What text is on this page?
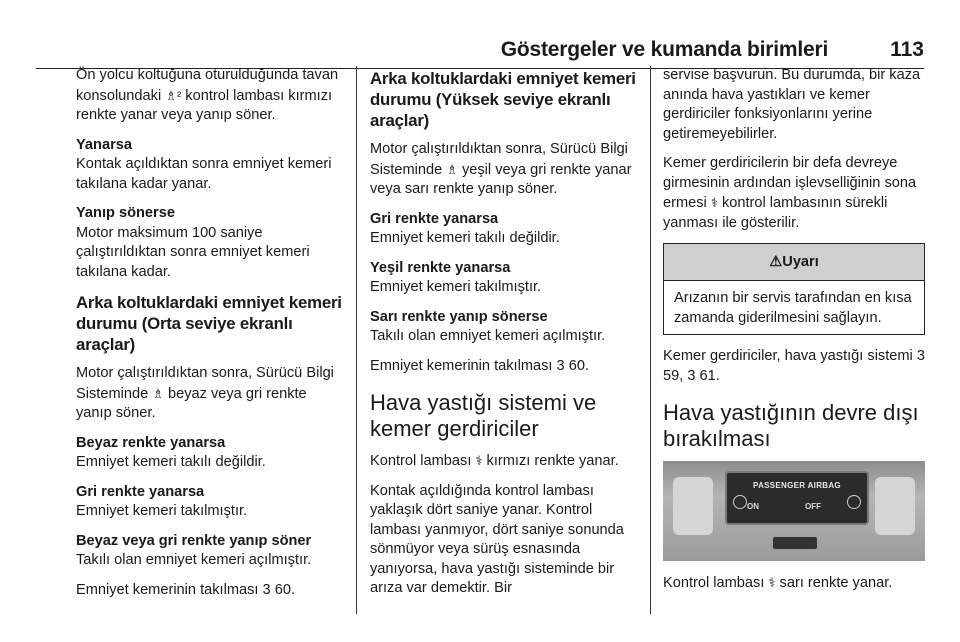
Göstergeler ve kumanda birimleri	113

Ön yolcu koltuğuna oturulduğunda tavan konsolundaki ♗² kontrol lambası kırmızı renkte yanar veya yanıp söner.

Yanarsa

Kontak açıldıktan sonra emniyet kemeri takılana kadar yanar.

Yanıp sönerse

Motor maksimum 100 saniye çalıştırıldıktan sonra emniyet kemeri takılana kadar.

Arka koltuklardaki emniyet kemeri durumu (Orta seviye ekranlı araçlar)

Motor çalıştırıldıktan sonra, Sürücü Bilgi Sisteminde ♗ beyaz veya gri renkte yanıp söner.

Beyaz renkte yanarsa

Emniyet kemeri takılı değildir.

Gri renkte yanarsa

Emniyet kemeri takılmıştır.

Beyaz veya gri renkte yanıp söner

Takılı olan emniyet kemeri açılmıştır.

Emniyet kemerinin takılması 3 60.

Arka koltuklardaki emniyet kemeri durumu (Yüksek seviye ekranlı araçlar)

Motor çalıştırıldıktan sonra, Sürücü Bilgi Sisteminde ♗ yeşil veya gri renkte yanar veya sarı renkte yanıp söner.

Gri renkte yanarsa

Emniyet kemeri takılı değildir.

Yeşil renkte yanarsa

Emniyet kemeri takılmıştır.

Sarı renkte yanıp sönerse

Takılı olan emniyet kemeri açılmıştır.

Emniyet kemerinin takılması 3 60.

Hava yastığı sistemi ve kemer gerdiriciler

Kontrol lambası ⚕ kırmızı renkte yanar.

Kontak açıldığında kontrol lambası yaklaşık dört saniye yanar. Kontrol lambası yanmıyor, dört saniye sonunda sönmüyor veya sürüş esnasında yanıyorsa, hava yastığı sisteminde bir arıza var demektir. Bir

servise başvurun. Bu durumda, bir kaza anında hava yastıkları ve kemer gerdiriciler fonksiyonlarını yerine getiremeyebilirler.

Kemer gerdiricilerin bir defa devreye girmesinin ardından işlevselliğinin sona ermesi ⚕ kontrol lambasının sürekli yanması ile gösterilir.

⚠Uyarı
Arızanın bir servis tarafından en kısa zamanda giderilmesini sağlayın.

Kemer gerdiriciler, hava yastığı sistemi 3 59, 3 61.

Hava yastığının devre dışı bırakılması

PASSENGER AIRBAG
ON	OFF

Kontrol lambası ⚕ sarı renkte yanar.
